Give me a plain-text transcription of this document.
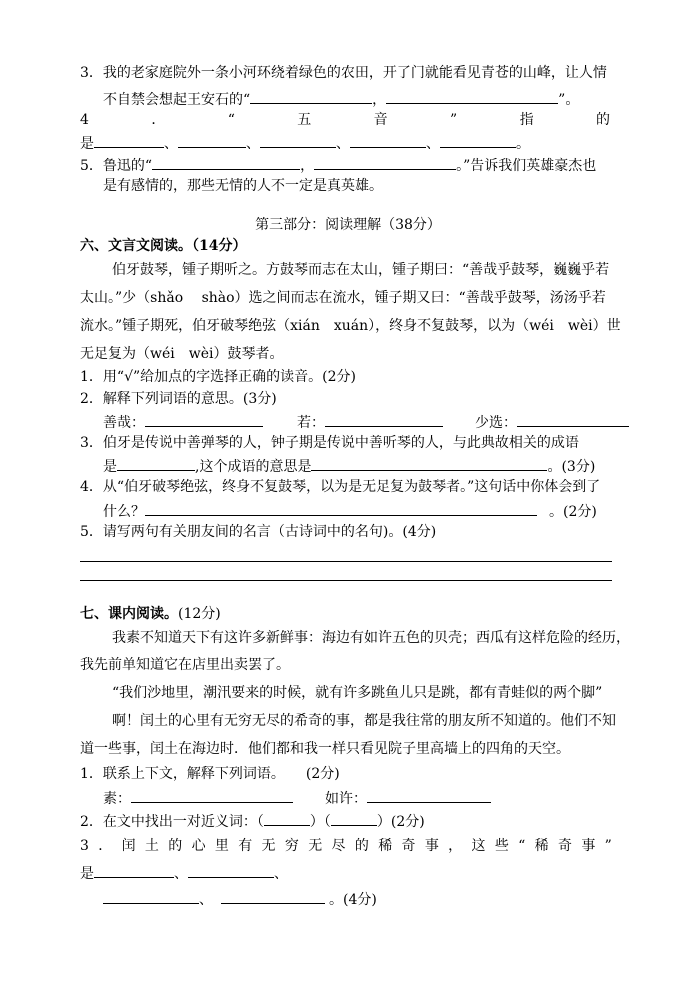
3．我的老家庭院外一条小河环绕着绿色的农田，开了门就能看见青苍的山峰，让人情
不自禁会想起王安石的“	，	”。
4	．	“	五	音	”	指	的
是	、	、	、	、	。
5．鲁迅的“	，	。”告诉我们英雄豪杰也
是有感情的，那些无情的人不一定是真英雄。
第三部分：阅读理解（38分）
六、文言文阅读。（14分）
伯牙鼓琴，锺子期听之。方鼓琴而志在太山，锺子期曰：“善哉乎鼓琴，巍巍乎若
太山。”少（shǎo　 shào）选之间而志在流水，锺子期又曰：“善哉乎鼓琴，汤汤乎若
流水。”锺子期死，伯牙破琴绝弦（xián　xuán），终身不复鼓琴，以为（wéi　wèi）世
无足复为（wéi　wèi）鼓琴者。
1．用“√”给加点的字选择正确的读音。(2分)
2．解释下列词语的意思。(3分)
善哉：	若：	少选：
3．伯牙是传说中善弹琴的人，钟子期是传说中善听琴的人，与此典故相关的成语
是	,这个成语的意思是	。(3分)
4．从“伯牙破琴绝弦，终身不复鼓琴，以为是无足复为鼓琴者。”这句话中你体会到了
什么？	。(2分)
5．请写两句有关朋友间的名言（古诗词中的名句)。(4分)
七、课内阅读。(12分)
我素不知道天下有这许多新鲜事：海边有如许五色的贝壳；西瓜有这样危险的经历，
我先前单知道它在店里出卖罢了。
“我们沙地里，潮汛要来的时候，就有许多跳鱼儿只是跳，都有青蛙似的两个脚”
啊！闰土的心里有无穷无尽的希奇的事，都是我往常的朋友所不知道的。他们不知
道一些事，闰土在海边时．他们都和我一样只看见院子里高墙上的四角的天空。
1．联系上下文，解释下列词语。　　(2分)
素：	如许：
2．在文中找出一对近义词：（	）（	）(2分)
3 ． 闰 土 的 心 里 有 无 穷 无 尽 的 稀 奇 事 ， 这 些 “ 稀 奇 事 ”
是	、	、
、	。(4分)
